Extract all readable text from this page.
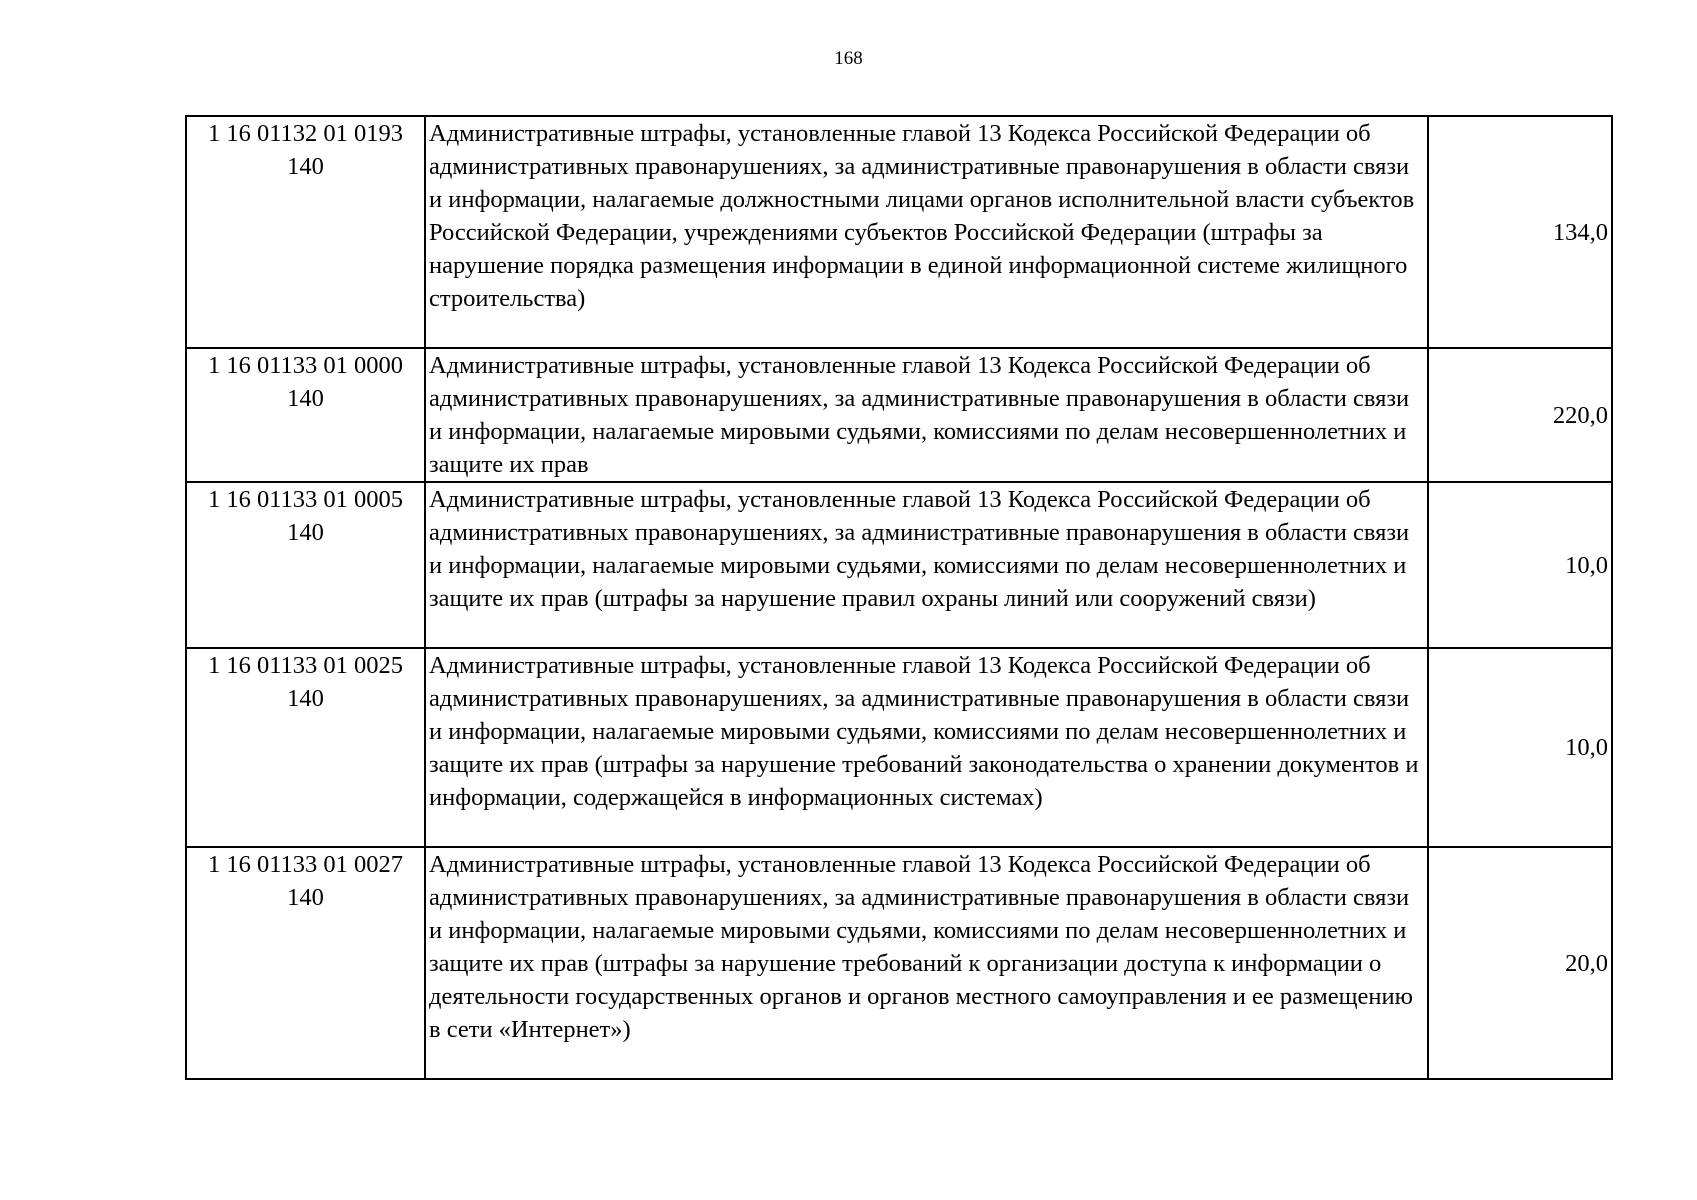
168
1 16 01132 01 0193
140	Административные штрафы, установленные главой 13 Кодекса Российской Федерации об административных правонарушениях, за административные правонарушения в области связи и информации, налагаемые должностными лицами органов исполнительной власти субъектов Российской Федерации, учреждениями субъектов Российской Федерации (штрафы за нарушение порядка размещения информации в единой информационной системе жилищного строительства)	134,0

1 16 01133 01 0000
140	Административные штрафы, установленные главой 13 Кодекса Российской Федерации об административных правонарушениях, за административные правонарушения в области связи и информации, налагаемые мировыми судьями, комиссиями по делам несовершеннолетних и защите их прав	220,0

1 16 01133 01 0005
140	Административные штрафы, установленные главой 13 Кодекса Российской Федерации об административных правонарушениях, за административные правонарушения в области связи и информации, налагаемые мировыми судьями, комиссиями по делам несовершеннолетних и защите их прав (штрафы за нарушение правил охраны линий или сооружений связи)	10,0

1 16 01133 01 0025
140	Административные штрафы, установленные главой 13 Кодекса Российской Федерации об административных правонарушениях, за административные правонарушения в области связи и информации, налагаемые мировыми судьями, комиссиями по делам несовершеннолетних и защите их прав (штрафы за нарушение требований законодательства о хранении документов и информации, содержащейся в информационных системах)	10,0

1 16 01133 01 0027
140	Административные штрафы, установленные главой 13 Кодекса Российской Федерации об административных правонарушениях, за административные правонарушения в области связи и информации, налагаемые мировыми судьями, комиссиями по делам несовершеннолетних и защите их прав (штрафы за нарушение требований к организации доступа к информации о деятельности государственных органов и органов местного самоуправления и ее размещению в сети «Интернет»)	20,0
